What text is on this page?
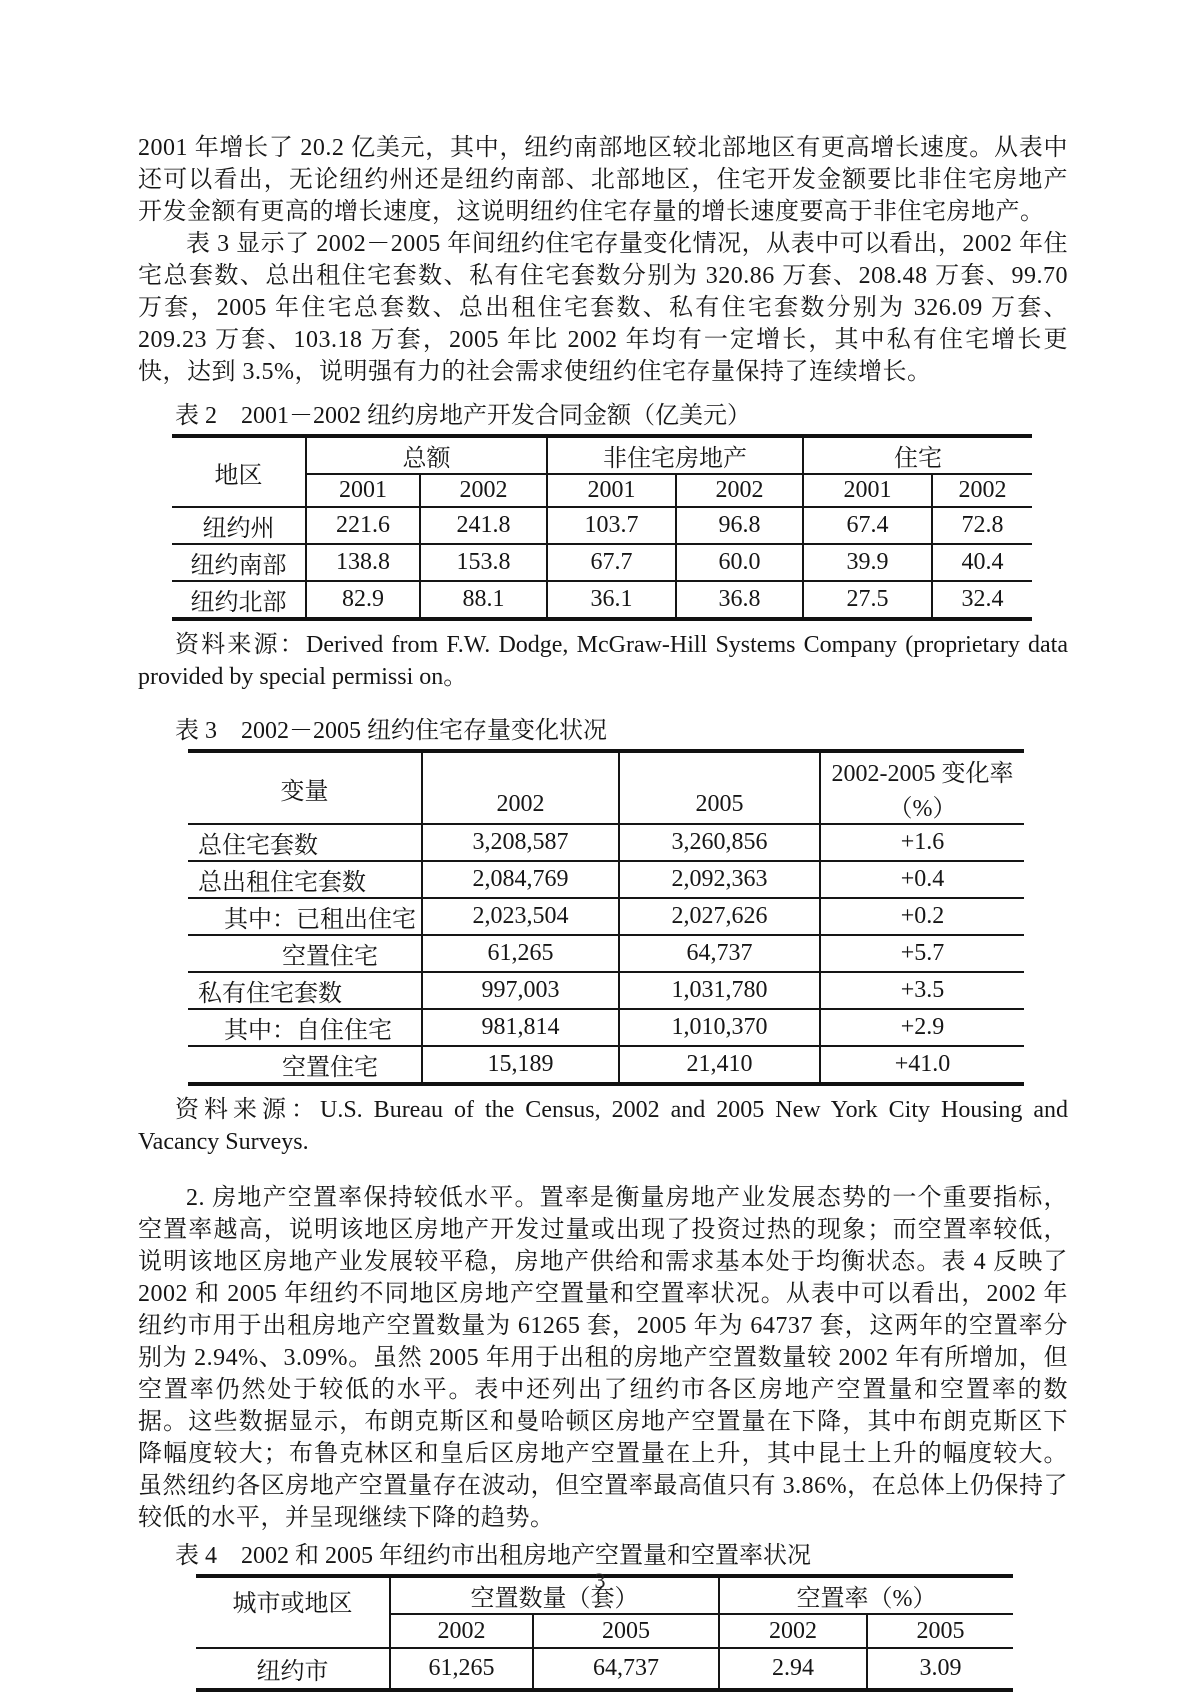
2001 年增长了 20.2 亿美元，其中，纽约南部地区较北部地区有更高增长速度。从表中还可以看出，无论纽约州还是纽约南部、北部地区，住宅开发金额要比非住宅房地产开发金额有更高的增长速度，这说明纽约住宅存量的增长速度要高于非住宅房地产。

表 3 显示了 2002－2005 年间纽约住宅存量变化情况，从表中可以看出，2002 年住宅总套数、总出租住宅套数、私有住宅套数分别为 320.86 万套、208.48 万套、99.70 万套，2005 年住宅总套数、总出租住宅套数、私有住宅套数分别为 326.09 万套、209.23 万套、103.18 万套，2005 年比 2002 年均有一定增长，其中私有住宅增长更快，达到 3.5%，说明强有力的社会需求使纽约住宅存量保持了连续增长。

表 2　2001－2002 纽约房地产开发合同金额（亿美元）

地区	总额		非住宅房地产		住宅	
	2001	2002	2001	2002	2001	2002
纽约州	221.6	241.8	103.7	96.8	67.4	72.8
纽约南部	138.8	153.8	67.7	60.0	39.9	40.4
纽约北部	82.9	88.1	36.1	36.8	27.5	32.4

资料来源：Derived from F.W. Dodge, McGraw-Hill Systems Company (proprietary data provided by special permissi on。

表 3　2002－2005 纽约住宅存量变化状况

变量	2002	2005	2002-2005 变化率
（%）

总住宅套数	3,208,587	3,260,856	+1.6
总出租住宅套数	2,084,769	2,092,363	+0.4
其中：已租出住宅	2,023,504	2,027,626	+0.2
空置住宅	61,265	64,737	+5.7
私有住宅套数	997,003	1,031,780	+3.5
其中：自住住宅	981,814	1,010,370	+2.9
空置住宅	15,189	21,410	+41.0

资料来源：U.S. Bureau of the Census, 2002 and 2005 New York City Housing and Vacancy Surveys.

2. 房地产空置率保持较低水平。置率是衡量房地产业发展态势的一个重要指标，空置率越高，说明该地区房地产开发过量或出现了投资过热的现象；而空置率较低，说明该地区房地产业发展较平稳，房地产供给和需求基本处于均衡状态。表 4 反映了 2002 和 2005 年纽约不同地区房地产空置量和空置率状况。从表中可以看出，2002 年纽约市用于出租房地产空置数量为 61265 套，2005 年为 64737 套，这两年的空置率分别为 2.94%、3.09%。虽然 2005 年用于出租的房地产空置数量较 2002 年有所增加，但空置率仍然处于较低的水平。表中还列出了纽约市各区房地产空置量和空置率的数据。这些数据显示，布朗克斯区和曼哈顿区房地产空置量在下降，其中布朗克斯区下降幅度较大；布鲁克林区和皇后区房地产空置量在上升，其中昆士上升的幅度较大。虽然纽约各区房地产空置量存在波动，但空置率最高值只有 3.86%，在总体上仍保持了较低的水平，并呈现继续下降的趋势。

表 4　2002 和 2005 年纽约市出租房地产空置量和空置率状况

城市或地区	空置数量（套）		空置率（%）	
	2002	2005	2002	2005
纽约市	61,265	64,737	2.94	3.09
3
